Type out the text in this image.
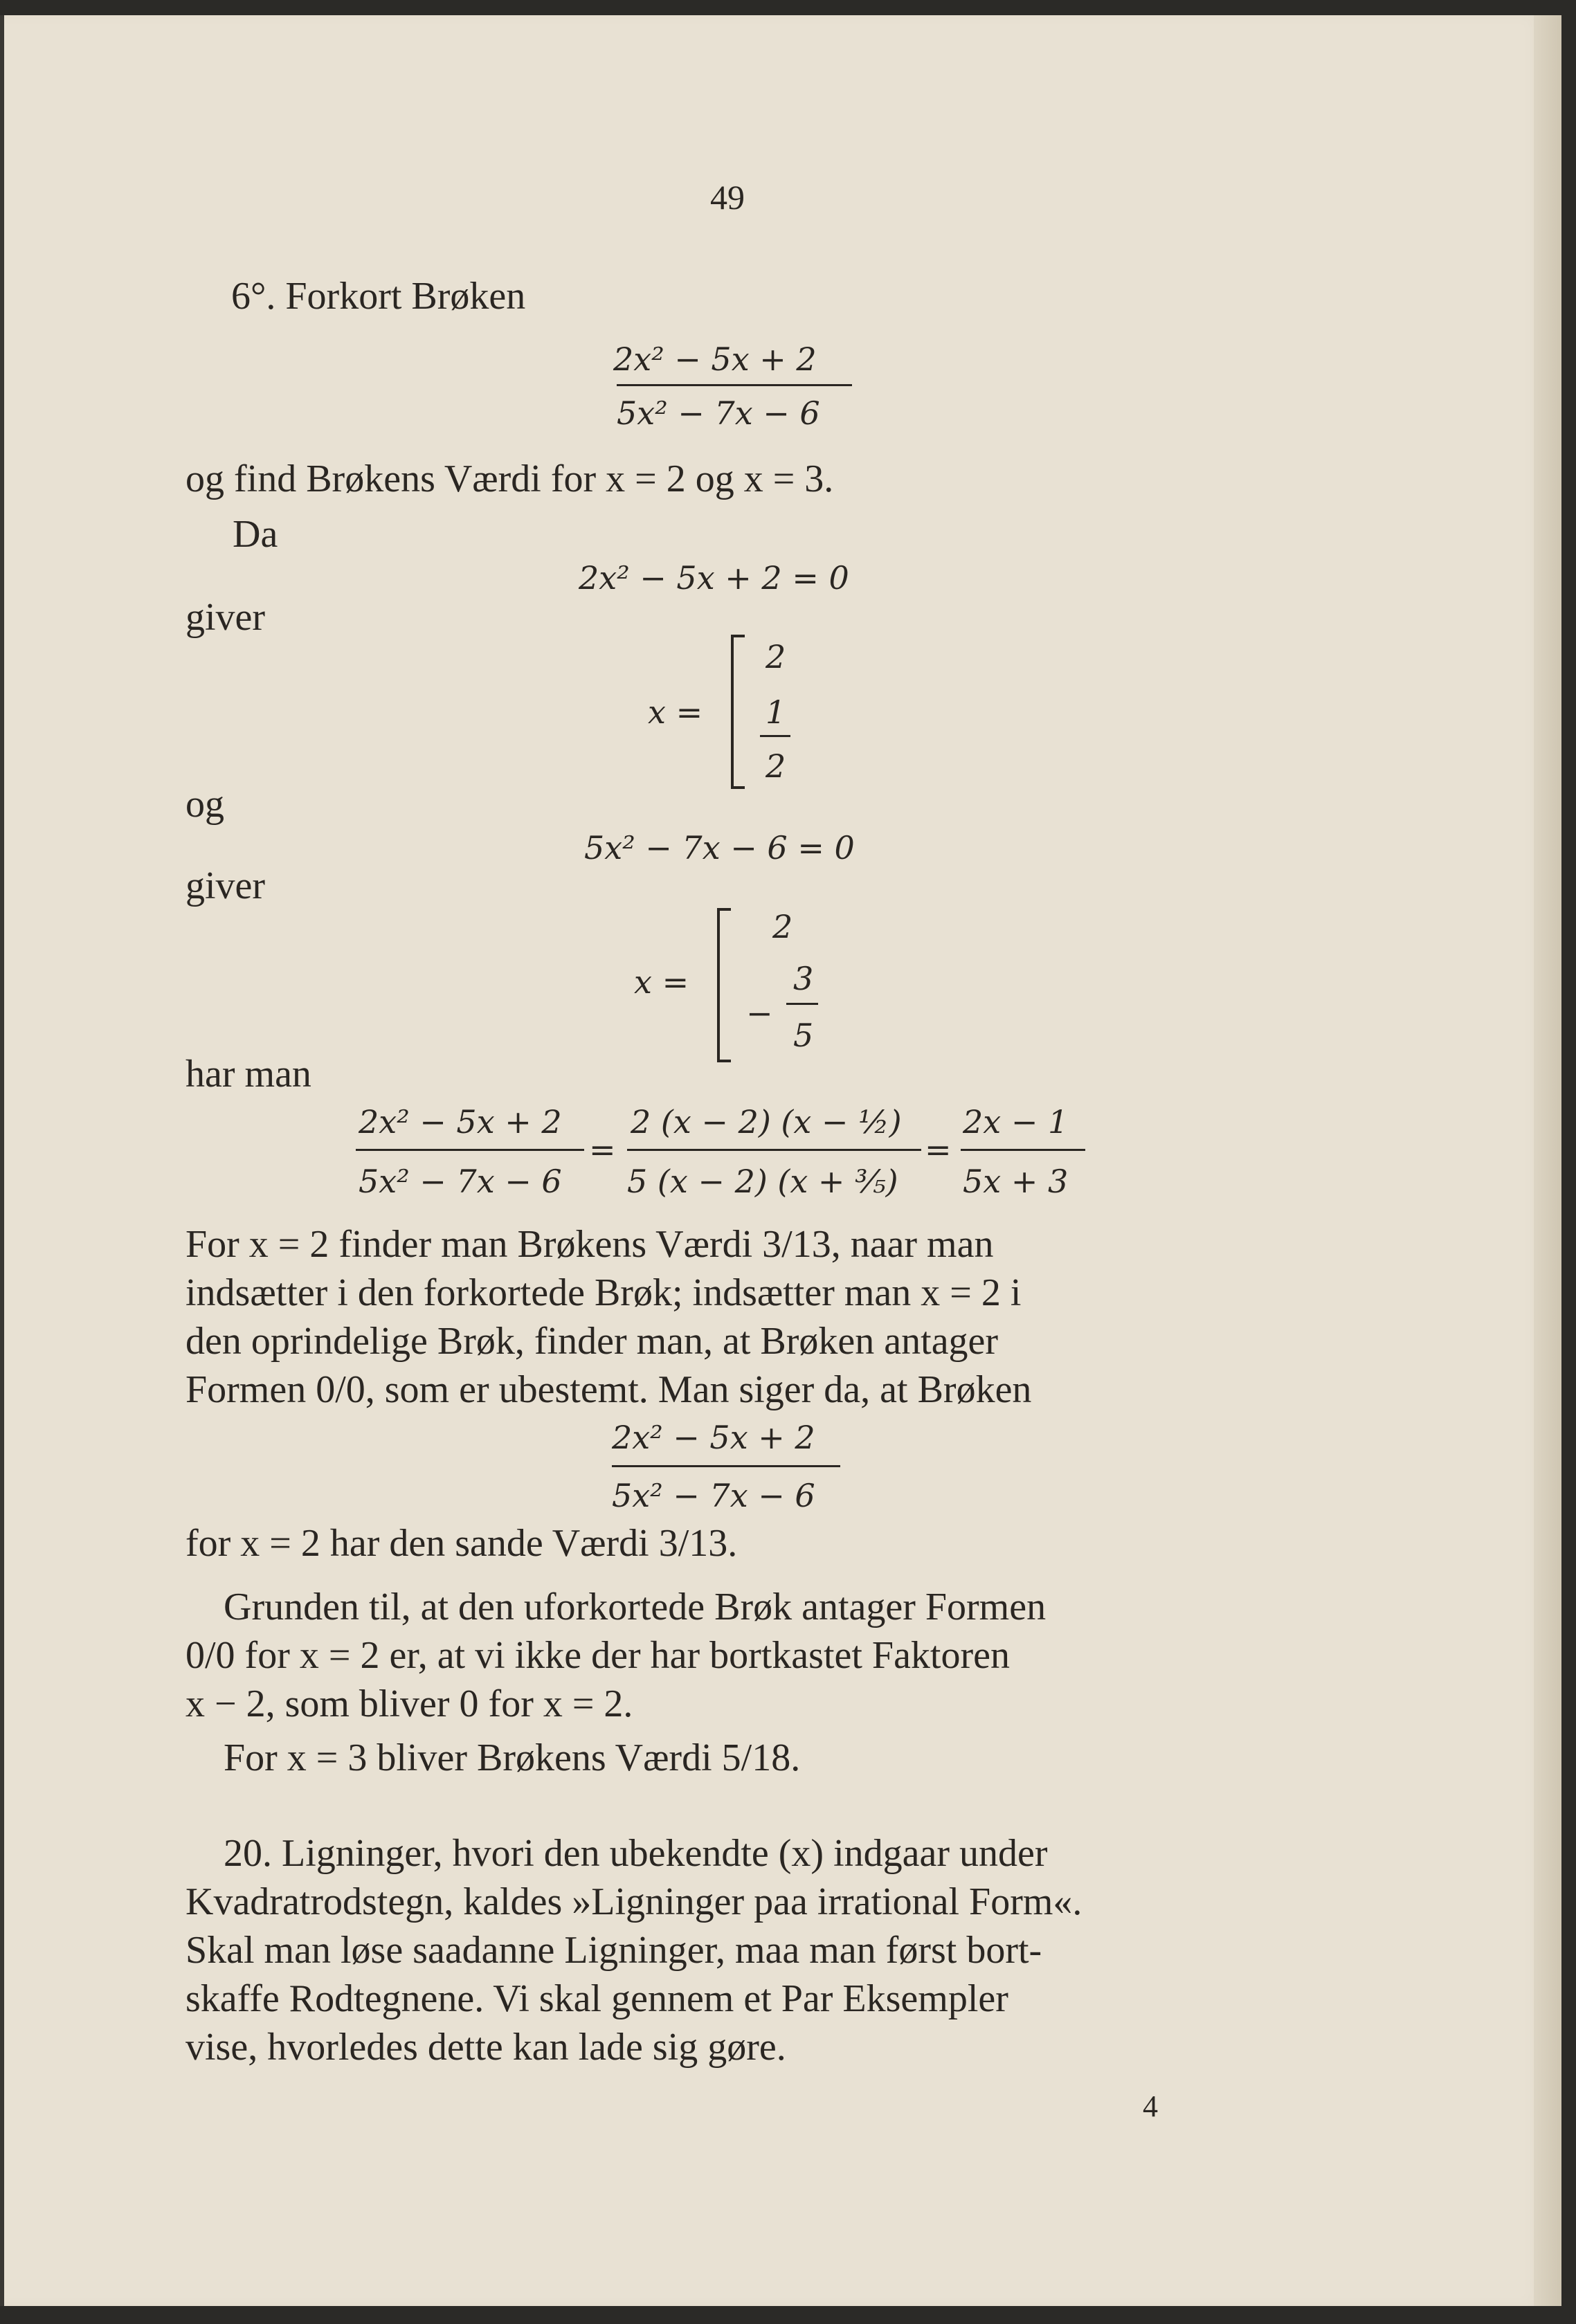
49
6°. Forkort Brøken
2x² − 5x + 2
5x² − 7x − 6
og find Brøkens Værdi for x = 2 og x = 3.
Da
2x² − 5x + 2 = 0
giver
x =
2
1
2
og
5x² − 7x − 6 = 0
giver
x =
2
−
3
5
har man
2x² − 5x + 2
5x² − 7x − 6
=
2 (x − 2) (x − ½)
5 (x − 2) (x + ⅗)
=
2x − 1
5x + 3
For x = 2 finder man Brøkens Værdi 3/13, naar man
indsætter i den forkortede Brøk; indsætter man x = 2 i
den oprindelige Brøk, finder man, at Brøken antager
Formen 0/0, som er ubestemt. Man siger da, at Brøken
2x² − 5x + 2
5x² − 7x − 6
for x = 2 har den sande Værdi 3/13.
Grunden til, at den uforkortede Brøk antager Formen
0/0 for x = 2 er, at vi ikke der har bortkastet Faktoren
x − 2, som bliver 0 for x = 2.
For x = 3 bliver Brøkens Værdi 5/18.
20. Ligninger, hvori den ubekendte (x) indgaar under
Kvadratrodstegn, kaldes »Ligninger paa irrational Form«.
Skal man løse saadanne Ligninger, maa man først bort-
skaffe Rodtegnene. Vi skal gennem et Par Eksempler
vise, hvorledes dette kan lade sig gøre.
4
